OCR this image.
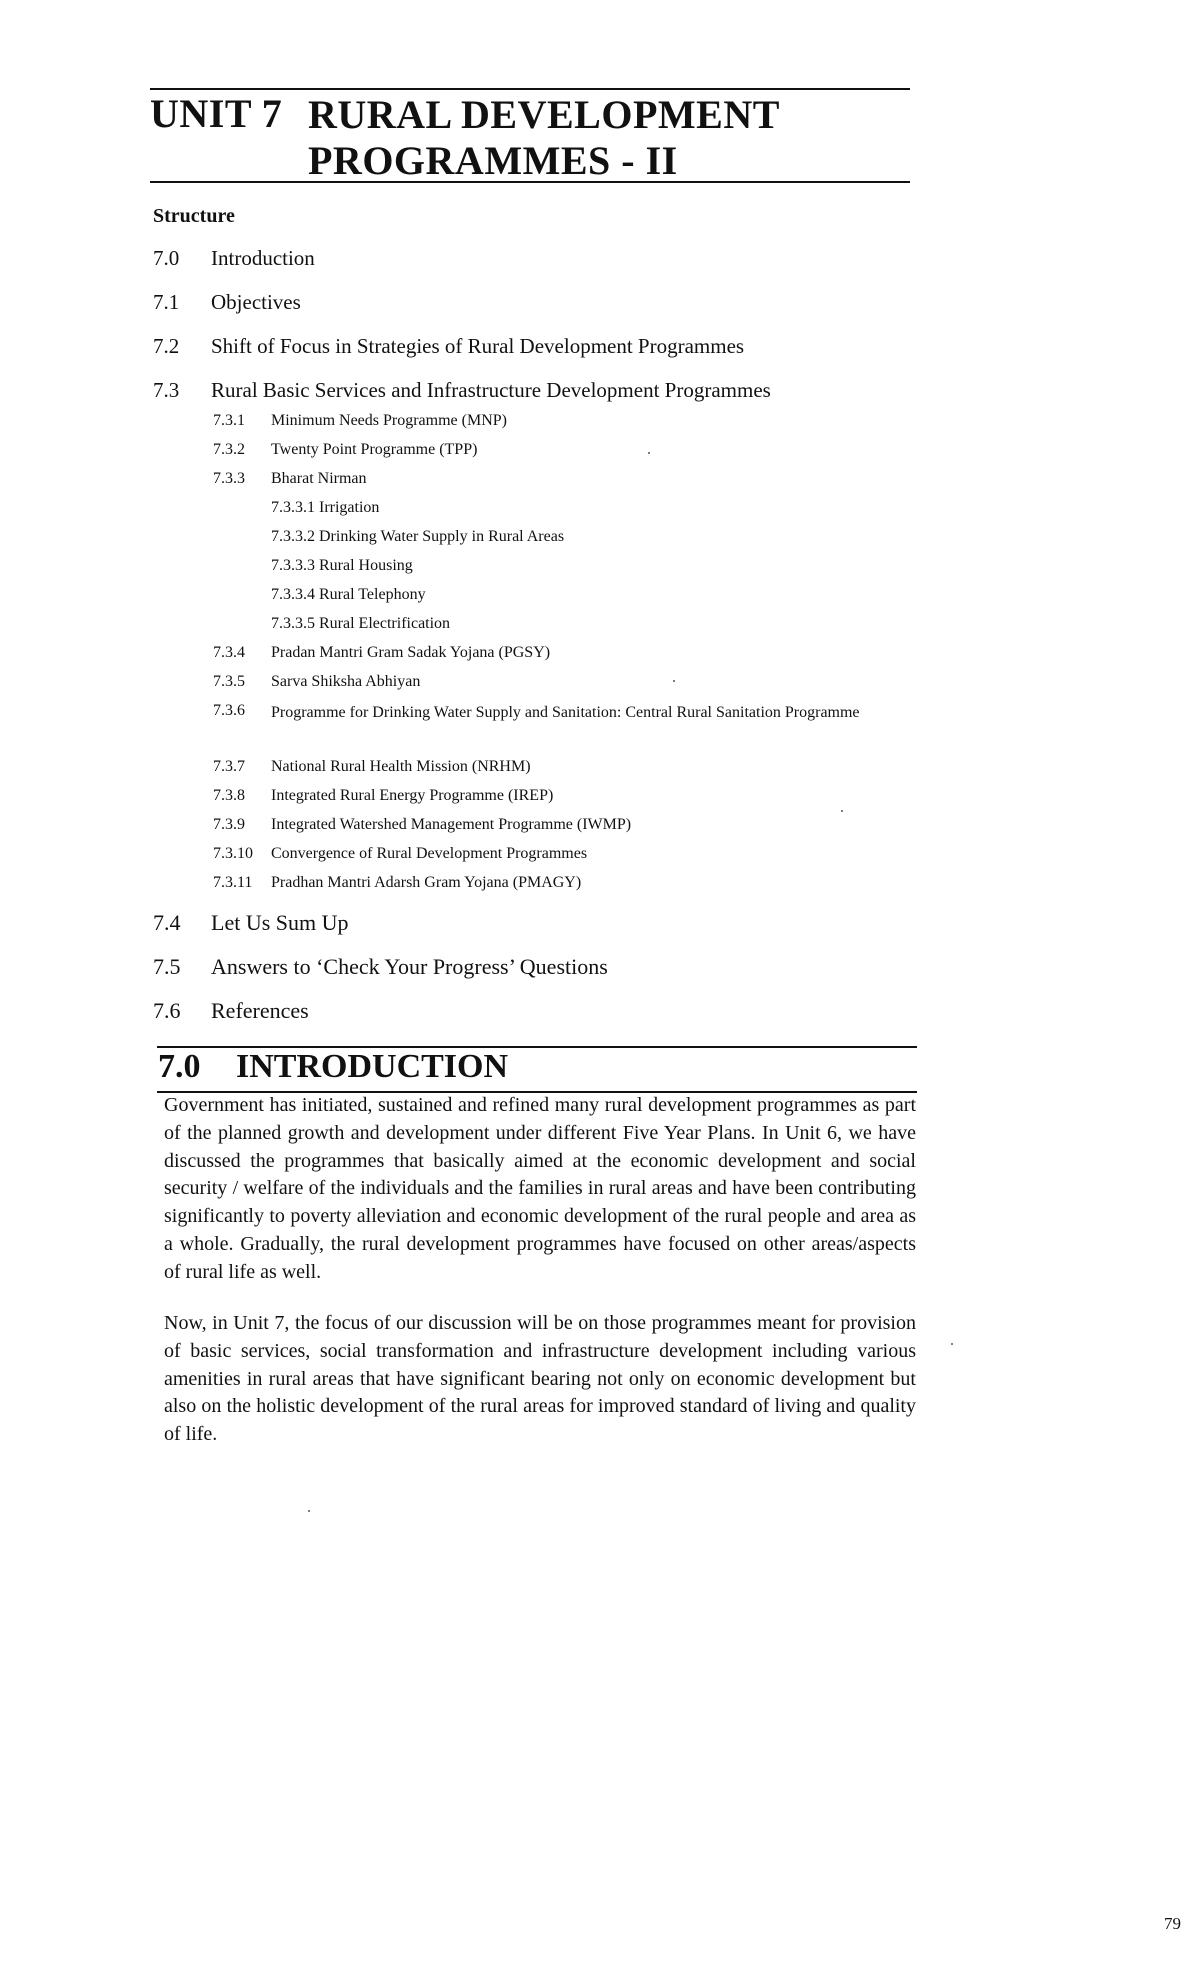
UNIT 7 RURAL DEVELOPMENT
PROGRAMMES - II
Structure
7.0 Introduction
7.1 Objectives
7.2 Shift of Focus in Strategies of Rural Development Programmes
7.3 Rural Basic Services and Infrastructure Development Programmes
7.3.1 Minimum Needs Programme (MNP)
7.3.2 Twenty Point Programme (TPP)
7.3.3 Bharat Nirman
7.3.3.1 Irrigation
7.3.3.2 Drinking Water Supply in Rural Areas
7.3.3.3 Rural Housing
7.3.3.4 Rural Telephony
7.3.3.5 Rural Electrification
7.3.4 Pradan Mantri Gram Sadak Yojana (PGSY)
7.3.5 Sarva Shiksha Abhiyan
7.3.6 Programme for Drinking Water Supply and Sanitation: Central Rural Sanitation Programme
7.3.7 National Rural Health Mission (NRHM)
7.3.8 Integrated Rural Energy Programme (IREP)
7.3.9 Integrated Watershed Management Programme (IWMP)
7.3.10 Convergence of Rural Development Programmes
7.3.11 Pradhan Mantri Adarsh Gram Yojana (PMAGY)
7.4 Let Us Sum Up
7.5 Answers to ‘Check Your Progress’ Questions
7.6 References
7.0 INTRODUCTION

Government has initiated, sustained and refined many rural development programmes as part of the planned growth and development under different Five Year Plans. In Unit 6, we have discussed the programmes that basically aimed at the economic development and social security / welfare of the individuals and the families in rural areas and have been contributing significantly to poverty alleviation and economic development of the rural people and area as a whole. Gradually, the rural development programmes have focused on other areas/aspects of rural life as well.

Now, in Unit 7, the focus of our discussion will be on those programmes meant for provision of basic services, social transformation and infrastructure development including various amenities in rural areas that have significant bearing not only on economic development but also on the holistic development of the rural areas for improved standard of living and quality of life.

79
